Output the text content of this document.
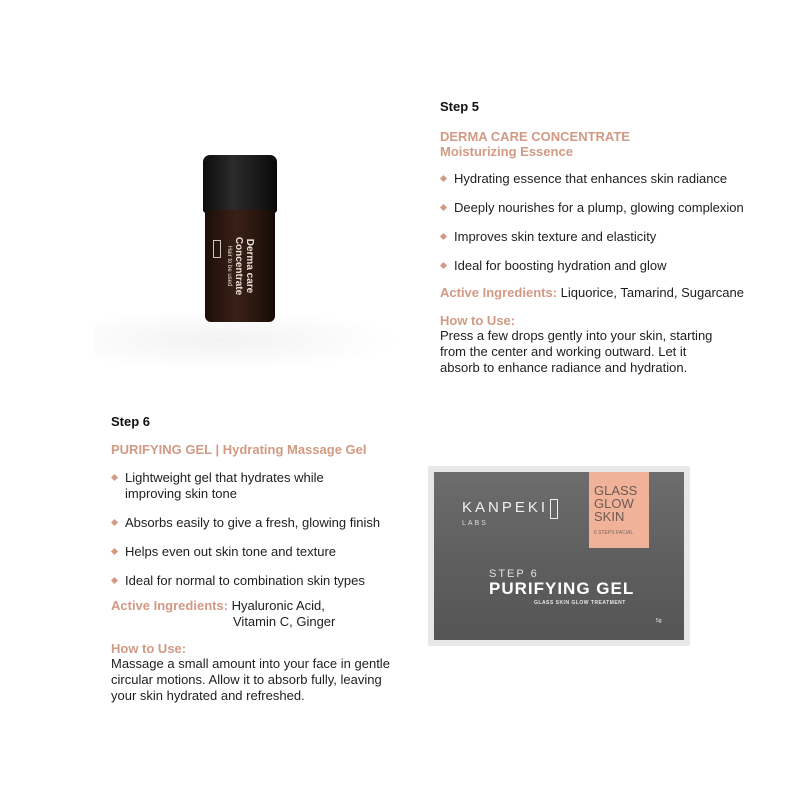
Derma care
Concentrate
Hair to be used
Step 5
DERMA CARE CONCENTRATE
Moisturizing Essence
Hydrating essence that enhances skin radiance
Deeply nourishes for a plump, glowing complexion
Improves skin texture and elasticity
Ideal for boosting hydration and glow
Active Ingredients: Liquorice, Tamarind, Sugarcane
How to Use:
Press a few drops gently into your skin, starting
from the center and working outward. Let it
absorb to enhance radiance and hydration.
Step 6
PURIFYING GEL | Hydrating Massage Gel
Lightweight gel that hydrates while
improving skin tone
Absorbs easily to give a fresh, glowing finish
Helps even out skin tone and texture
Ideal for normal to combination skin types
Active Ingredients: Hyaluronic Acid,
Vitamin C, Ginger
How to Use:
Massage a small amount into your face in gentle
circular motions. Allow it to absorb fully, leaving
your skin hydrated and refreshed.
KANPEKI
LABS
GLASS
GLOW
SKIN
6 STEPS FACIAL
STEP 6
PURIFYING GEL
GLASS SKIN GLOW TREATMENT
5g
